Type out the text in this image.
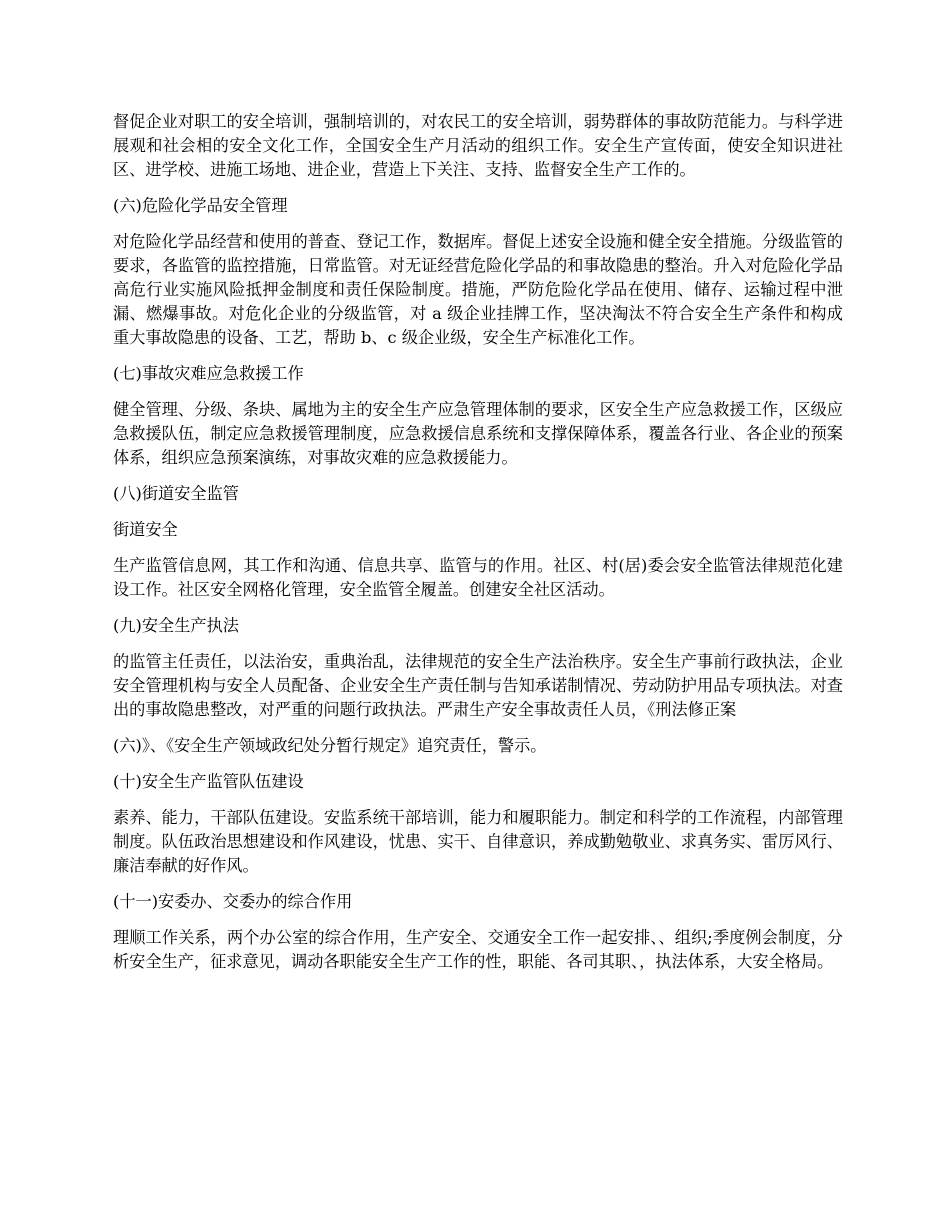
督促企业对职工的安全培训，强制培训的，对农民工的安全培训，弱势群体的事故防范能力。与科学进展观和社会相的安全文化工作，全国安全生产月活动的组织工作。安全生产宣传面，使安全知识进社区、进学校、进施工场地、进企业，营造上下关注、支持、监督安全生产工作的。

(六)危险化学品安全管理

对危险化学品经营和使用的普查、登记工作，数据库。督促上述安全设施和健全安全措施。分级监管的要求，各监管的监控措施，日常监管。对无证经营危险化学品的和事故隐患的整治。升入对危险化学品高危行业实施风险抵押金制度和责任保险制度。措施，严防危险化学品在使用、储存、运输过程中泄漏、燃爆事故。对危化企业的分级监管，对 a 级企业挂牌工作，坚决淘汰不符合安全生产条件和构成重大事故隐患的设备、工艺，帮助 b、c 级企业级，安全生产标准化工作。

(七)事故灾难应急救援工作

健全管理、分级、条块、属地为主的安全生产应急管理体制的要求，区安全生产应急救援工作，区级应急救援队伍，制定应急救援管理制度，应急救援信息系统和支撑保障体系，覆盖各行业、各企业的预案体系，组织应急预案演练，对事故灾难的应急救援能力。

(八)街道安全监管

街道安全

生产监管信息网，其工作和沟通、信息共享、监管与的作用。社区、村(居)委会安全监管法律规范化建设工作。社区安全网格化管理，安全监管全履盖。创建安全社区活动。

(九)安全生产执法

的监管主任责任，以法治安，重典治乱，法律规范的安全生产法治秩序。安全生产事前行政执法，企业安全管理机构与安全人员配备、企业安全生产责任制与告知承诺制情况、劳动防护用品专项执法。对查出的事故隐患整改，对严重的问题行政执法。严肃生产安全事故责任人员，《刑法修正案

(六)》、《安全生产领域政纪处分暂行规定》追究责任，警示。

(十)安全生产监管队伍建设

素养、能力，干部队伍建设。安监系统干部培训，能力和履职能力。制定和科学的工作流程，内部管理制度。队伍政治思想建设和作风建设，忧患、实干、自律意识，养成勤勉敬业、求真务实、雷厉风行、廉洁奉献的好作风。

(十一)安委办、交委办的综合作用

理顺工作关系，两个办公室的综合作用，生产安全、交通安全工作一起安排、、组织;季度例会制度，分析安全生产，征求意见，调动各职能安全生产工作的性，职能、各司其职、，执法体系，大安全格局。
